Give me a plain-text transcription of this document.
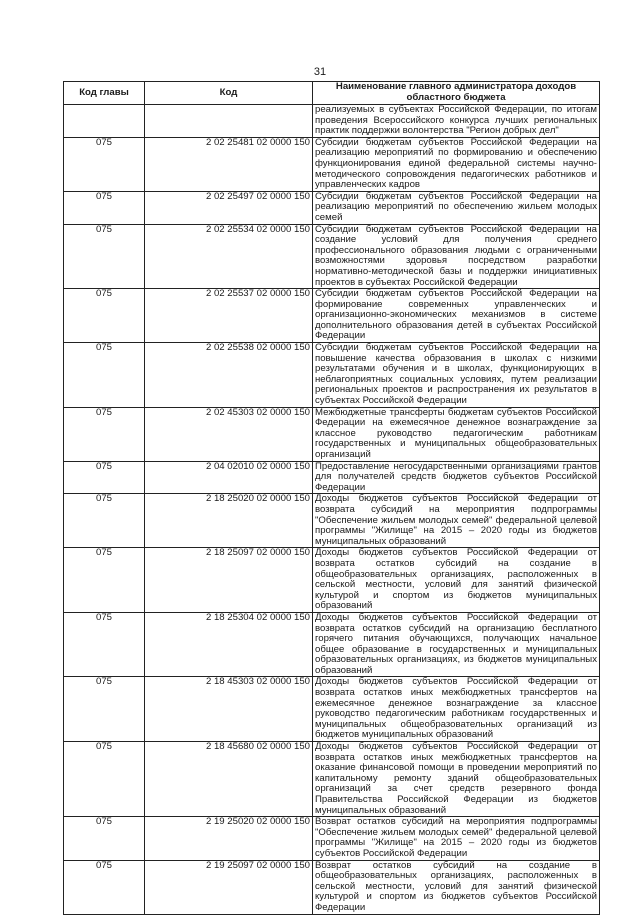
31
Код главы	Код	Наименование главного администратора доходов областного бюджета
		реализуемых в субъектах Российской Федерации, по итогам проведения Всероссийского конкурса лучших региональных практик поддержки волонтерства "Регион добрых дел"
075	2 02 25481 02 0000 150	Субсидии бюджетам субъектов Российской Федерации на реализацию мероприятий по формированию и обеспечению функционирования единой федеральной системы научно-методического сопровождения педагогических работников и управленческих кадров
075	2 02 25497 02 0000 150	Субсидии бюджетам субъектов Российской Федерации на реализацию мероприятий по обеспечению жильем молодых семей
075	2 02 25534 02 0000 150	Субсидии бюджетам субъектов Российской Федерации на создание условий для получения среднего профессионального образования людьми с ограниченными возможностями здоровья посредством разработки нормативно-методической базы и поддержки инициативных проектов в субъектах Российской Федерации
075	2 02 25537 02 0000 150	Субсидии бюджетам субъектов Российской Федерации на формирование современных управленческих и организационно-экономических механизмов в системе дополнительного образования детей в субъектах Российской Федерации
075	2 02 25538 02 0000 150	Субсидии бюджетам субъектов Российской Федерации на повышение качества образования в школах с низкими результатами обучения и в школах, функционирующих в неблагоприятных социальных условиях, путем реализации региональных проектов и распространения их результатов в субъектах Российской Федерации
075	2 02 45303 02 0000 150	Межбюджетные трансферты бюджетам субъектов Российской Федерации на ежемесячное денежное вознаграждение за классное руководство педагогическим работникам государственных и муниципальных общеобразовательных организаций
075	2 04 02010 02 0000 150	Предоставление негосударственными организациями грантов для получателей средств бюджетов субъектов Российской Федерации
075	2 18 25020 02 0000 150	Доходы бюджетов субъектов Российской Федерации от возврата субсидий на мероприятия подпрограммы "Обеспечение жильем молодых семей" федеральной целевой программы "Жилище" на 2015 – 2020 годы из бюджетов муниципальных образований
075	2 18 25097 02 0000 150	Доходы бюджетов субъектов Российской Федерации от возврата остатков субсидий на создание в общеобразовательных организациях, расположенных в сельской местности, условий для занятий физической культурой и спортом из бюджетов муниципальных образований
075	2 18 25304 02 0000 150	Доходы бюджетов субъектов Российской Федерации от возврата остатков субсидий на организацию бесплатного горячего питания обучающихся, получающих начальное общее образование в государственных и муниципальных образовательных организациях, из бюджетов муниципальных образований
075	2 18 45303 02 0000 150	Доходы бюджетов субъектов Российской Федерации от возврата остатков иных межбюджетных трансфертов на ежемесячное денежное вознаграждение за классное руководство педагогическим работникам государственных и муниципальных общеобразовательных организаций из бюджетов муниципальных образований
075	2 18 45680 02 0000 150	Доходы бюджетов субъектов Российской Федерации от возврата остатков иных межбюджетных трансфертов на оказание финансовой помощи в проведении мероприятий по капитальному ремонту зданий общеобразовательных организаций за счет средств резервного фонда Правительства Российской Федерации из бюджетов муниципальных образований
075	2 19 25020 02 0000 150	Возврат остатков субсидий на мероприятия подпрограммы "Обеспечение жильем молодых семей" федеральной целевой программы "Жилище" на 2015 – 2020 годы из бюджетов субъектов Российской Федерации
075	2 19 25097 02 0000 150	Возврат остатков субсидий на создание в общеобразовательных организациях, расположенных в сельской местности, условий для занятий физической культурой и спортом из бюджетов субъектов Российской Федерации
